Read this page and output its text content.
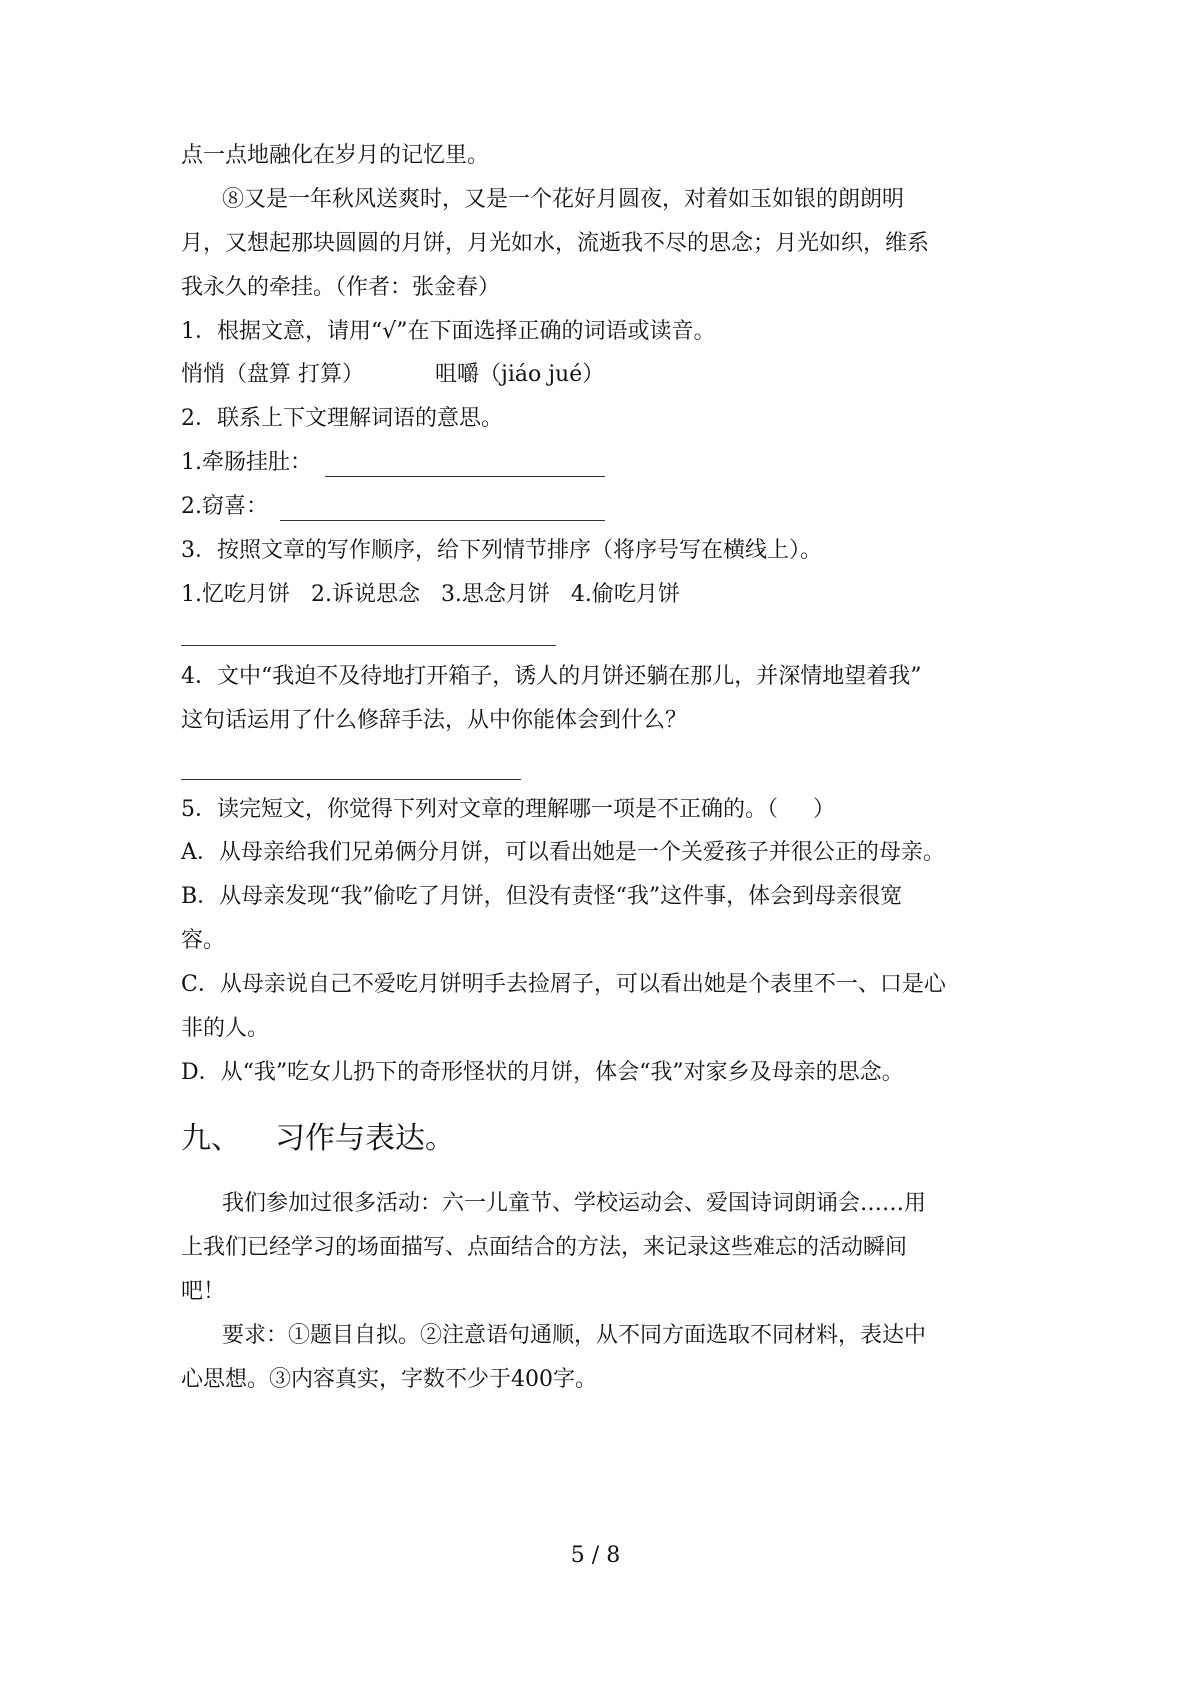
点一点地融化在岁月的记忆里。
⑧又是一年秋风送爽时，又是一个花好月圆夜，对着如玉如银的朗朗明
月，又想起那块圆圆的月饼，月光如水，流逝我不尽的思念；月光如织，维系
我永久的牵挂。（作者：张金春）
1．根据文意，请用“√”在下面选择正确的词语或读音。
悄悄（盘算 打算）	咀嚼（jiáo jué）
2．联系上下文理解词语的意思。
1.牵肠挂肚：
2.窃喜：
3．按照文章的写作顺序，给下列情节排序（将序号写在横线上）。
1.忆吃月饼   2.诉说思念   3.思念月饼   4.偷吃月饼
4．文中“我迫不及待地打开箱子，诱人的月饼还躺在那儿，并深情地望着我”
这句话运用了什么修辞手法，从中你能体会到什么？
5．读完短文，你觉得下列对文章的理解哪一项是不正确的。（     ）
A．从母亲给我们兄弟俩分月饼，可以看出她是一个关爱孩子并很公正的母亲。
B．从母亲发现“我”偷吃了月饼，但没有责怪“我”这件事，体会到母亲很宽
容。
C．从母亲说自己不爱吃月饼明手去捡屑子，可以看出她是个表里不一、口是心
非的人。
D．从“我”吃女儿扔下的奇形怪状的月饼，体会“我”对家乡及母亲的思念。
九、 习作与表达。
我们参加过很多活动：六一儿童节、学校运动会、爱国诗词朗诵会……用
上我们已经学习的场面描写、点面结合的方法，来记录这些难忘的活动瞬间
吧！
要求：①题目自拟。②注意语句通顺，从不同方面选取不同材料，表达中
心思想。③内容真实，字数不少于400字。
5 / 8
